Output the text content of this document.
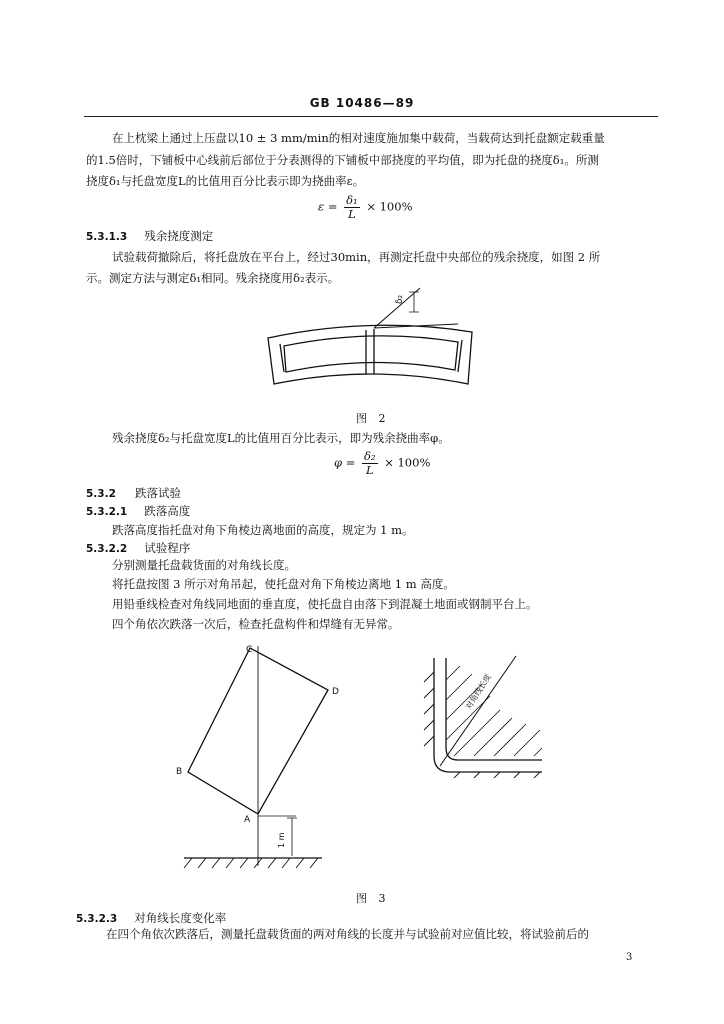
GB 10486—89
在上枕梁上通过上压盘以10 ± 3 mm/min的相对速度施加集中载荷，当载荷达到托盘额定载重量
的1.5倍时，下铺板中心线前后部位于分表测得的下铺板中部挠度的平均值，即为托盘的挠度δ₁。所测
挠度δ₁与托盘宽度L的比值用百分比表示即为挠曲率ε。
$\varepsilon = \frac{\text{δ₁}}{L} \times 100\%$
5.3.1.3 残余挠度测定
试验载荷撤除后，将托盘放在平台上，经过30min，再测定托盘中央部位的残余挠度，如图 2 所
示。测定方法与测定δ₁相同。残余挠度用δ₂表示。
δ₂
图 2
残余挠度δ₂与托盘宽度L的比值用百分比表示，即为残余挠曲率φ。
$\varphi = \frac{\text{δ₂}}{L} \times 100\%$
5.3.2 跌落试验
5.3.2.1 跌落高度
跌落高度指托盘对角下角棱边离地面的高度，规定为 1 m。
5.3.2.2 试验程序
分别测量托盘载货面的对角线长度。
将托盘按图 3 所示对角吊起，使托盘对角下角棱边离地 1 m 高度。
用铅垂线检查对角线同地面的垂直度，使托盘自由落下到混凝土地面或钢制平台上。
四个角依次跌落一次后，检查托盘构件和焊缝有无异常。
C
D
B
A
1 m
对角线长度
图 3
5.3.2.3 对角线长度变化率
在四个角依次跌落后，测量托盘载货面的两对角线的长度并与试验前对应值比较，将试验前后的
3
